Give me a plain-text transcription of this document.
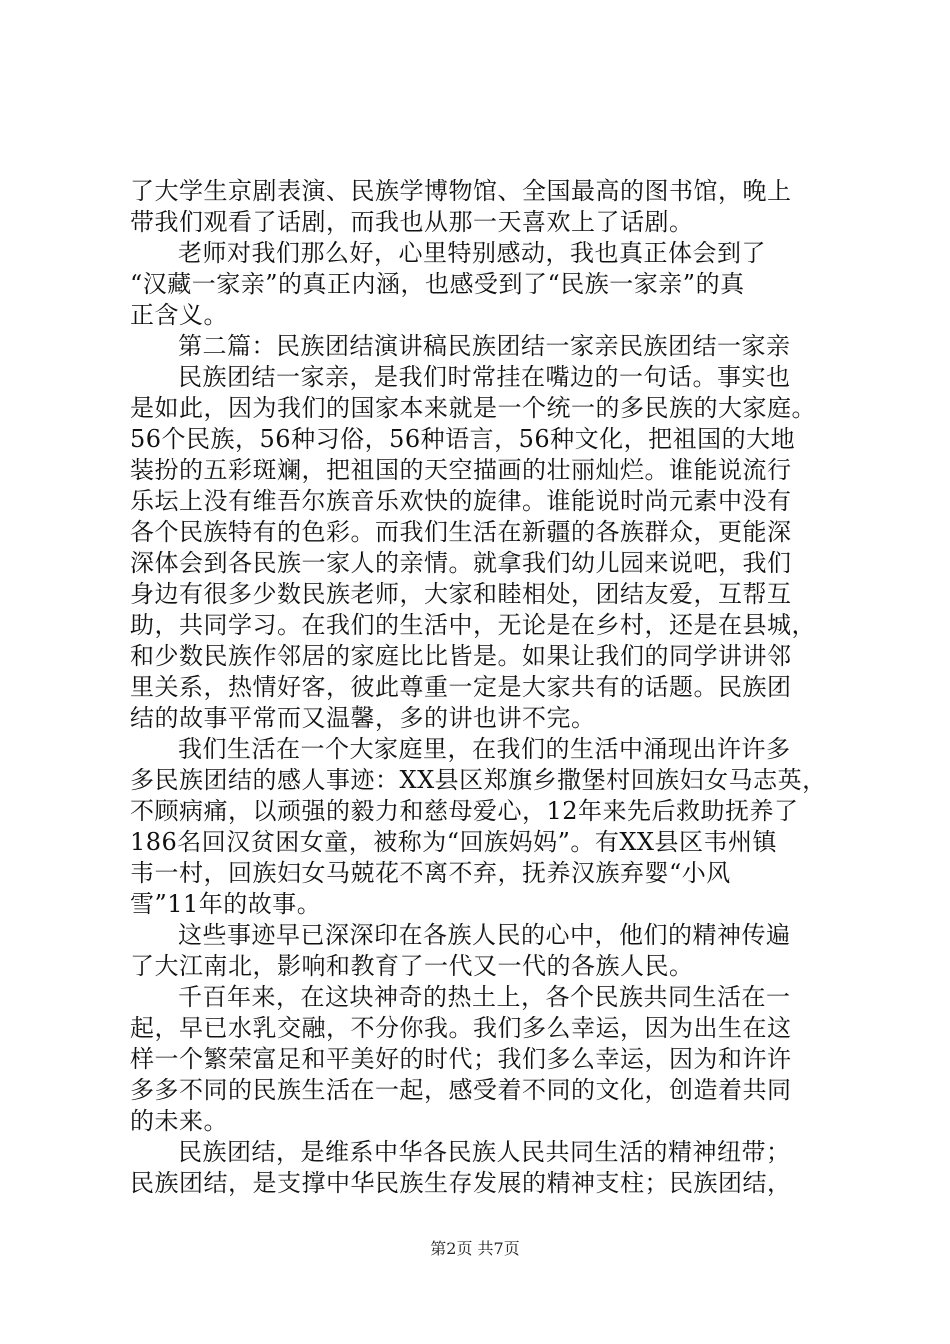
了大学生京剧表演、民族学博物馆、全国最高的图书馆，晚上
带我们观看了话剧，而我也从那一天喜欢上了话剧。
老师对我们那么好，心里特别感动，我也真正体会到了
“汉藏一家亲”的真正内涵，也感受到了“民族一家亲”的真
正含义。
第二篇：民族团结演讲稿民族团结一家亲民族团结一家亲
民族团结一家亲，是我们时常挂在嘴边的一句话。事实也
是如此，因为我们的国家本来就是一个统一的多民族的大家庭。
56个民族，56种习俗，56种语言，56种文化，把祖国的大地
装扮的五彩斑斓，把祖国的天空描画的壮丽灿烂。谁能说流行
乐坛上没有维吾尔族音乐欢快的旋律。谁能说时尚元素中没有
各个民族特有的色彩。而我们生活在新疆的各族群众，更能深
深体会到各民族一家人的亲情。就拿我们幼儿园来说吧，我们
身边有很多少数民族老师，大家和睦相处，团结友爱，互帮互
助，共同学习。在我们的生活中，无论是在乡村，还是在县城，
和少数民族作邻居的家庭比比皆是。如果让我们的同学讲讲邻
里关系，热情好客，彼此尊重一定是大家共有的话题。民族团
结的故事平常而又温馨，多的讲也讲不完。
我们生活在一个大家庭里，在我们的生活中涌现出许许多
多民族团结的感人事迹：XX县区郑旗乡撒堡村回族妇女马志英，
不顾病痛，以顽强的毅力和慈母爱心，12年来先后救助抚养了
186名回汉贫困女童，被称为“回族妈妈”。有XX县区韦州镇
韦一村，回族妇女马兢花不离不弃，抚养汉族弃婴“小风
雪”11年的故事。
这些事迹早已深深印在各族人民的心中，他们的精神传遍
了大江南北，影响和教育了一代又一代的各族人民。
千百年来，在这块神奇的热土上，各个民族共同生活在一
起，早已水乳交融，不分你我。我们多么幸运，因为出生在这
样一个繁荣富足和平美好的时代；我们多么幸运，因为和许许
多多不同的民族生活在一起，感受着不同的文化，创造着共同
的未来。
民族团结，是维系中华各民族人民共同生活的精神纽带；
民族团结，是支撑中华民族生存发展的精神支柱；民族团结，
第2页 共7页
